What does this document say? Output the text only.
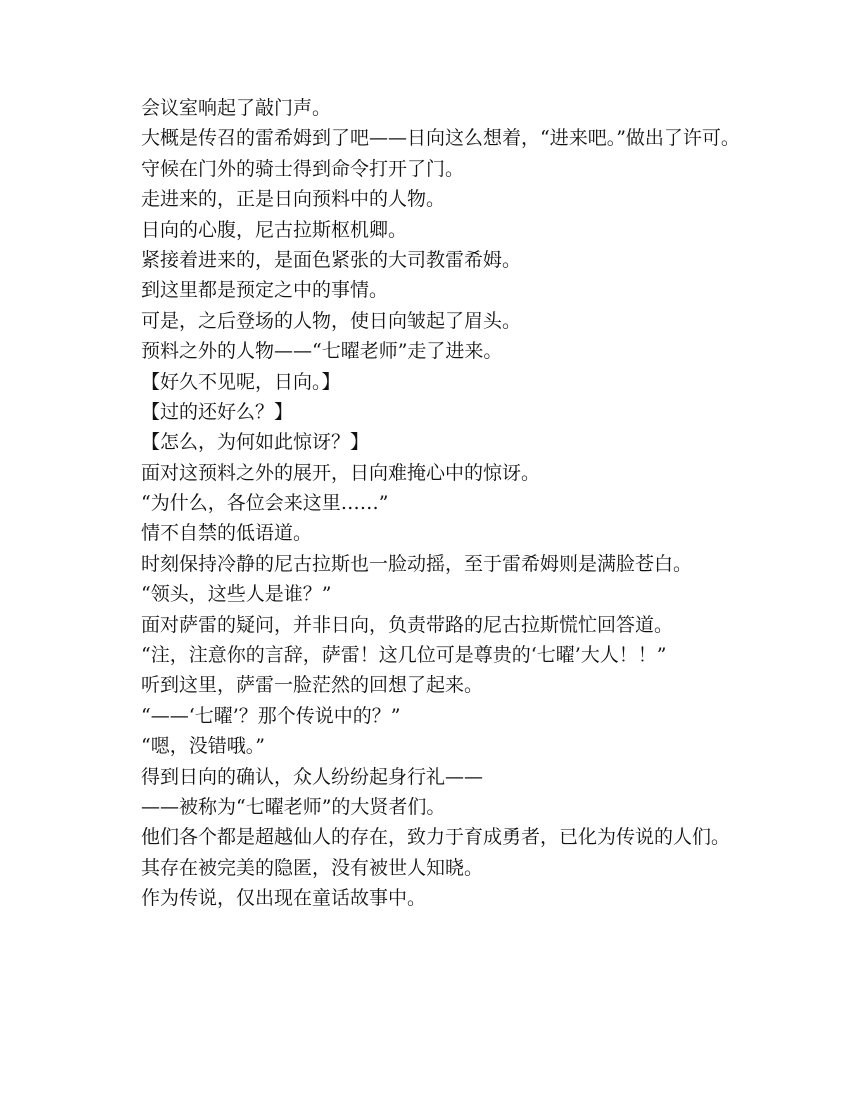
会议室响起了敲门声。

大概是传召的雷希姆到了吧——日向这么想着，“进来吧。”做出了许可。

守候在门外的骑士得到命令打开了门。

走进来的，正是日向预料中的人物。

日向的心腹，尼古拉斯枢机卿。

紧接着进来的，是面色紧张的大司教雷希姆。

到这里都是预定之中的事情。

可是，之后登场的人物，使日向皱起了眉头。

预料之外的人物——“七曜老师”走了进来。

【好久不见呢，日向。】

【过的还好么？】

【怎么，为何如此惊讶？】

面对这预料之外的展开，日向难掩心中的惊讶。

“为什么，各位会来这里……”

情不自禁的低语道。

时刻保持冷静的尼古拉斯也一脸动摇，至于雷希姆则是满脸苍白。

“领头，这些人是谁？”

面对萨雷的疑问，并非日向，负责带路的尼古拉斯慌忙回答道。

“注，注意你的言辞，萨雷！这几位可是尊贵的‘七曜’大人！！”

听到这里，萨雷一脸茫然的回想了起来。

“——‘七曜’？那个传说中的？”

“嗯，没错哦。”

得到日向的确认，众人纷纷起身行礼——

——被称为“七曜老师”的大贤者们。

他们各个都是超越仙人的存在，致力于育成勇者，已化为传说的人们。

其存在被完美的隐匿，没有被世人知晓。

作为传说，仅出现在童话故事中。
